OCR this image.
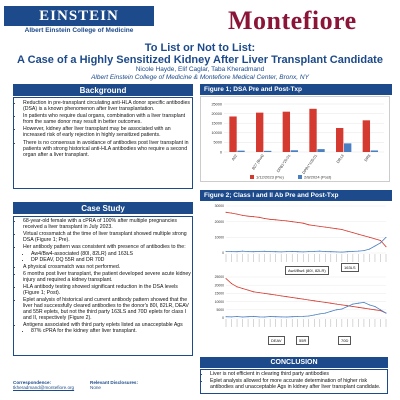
EINSTEIN
Albert Einstein College of Medicine	Montefiore
To List or Not to List:
A Case of a Highly Sensitized Kidney After Liver Transplant Candidate
Nicole Hayde, Elif Caglar, Taba Kheradmand
Albert Einstein College of Medicine & Montefiore Medical Center, Bronx, NY
Background
• Reduction in pre-transplant circulating anti-HLA donor specific antibodies (DSA) is a known phenomenon after liver transplantation.
• In patients who require dual organs, combination with a liver transplant from the same donor may result in better outcomes.
• However, kidney after liver transplant may be associated with an increased risk of early rejection in highly sensitized patients.
• There is no consensus in avoidance of antibodies post liver transplant in patients with strong historical anti-HLA antibodies who require a second organ after a liver transplant.
Case Study
• 68-year-old female with a cPRA of 100% after multiple pregnancies received a liver transplant in July 2023.
• Virtual crossmatch at the time of liver transplant showed multiple strong DSA (Figure 1; Pre).
• Her antibody pattern was consistent with presence of antibodies to the:
• Aw4/Bw4-associated (80I, 82LR) and 163LS
• DP DEAV, DQ 55R and DR 70D
• A physical crossmatch was not performed.
• 6 months post liver transplant, the patient developed severe acute kidney injury and required a kidney transplant.
• HLA antibody testing showed significant reduction in the DSA levels (Figure 1; Post).
• Eplet analysis of historical and current antibody pattern showed that the liver had successfully cleared antibodies to the donor's 80I, 82LR, DEAV and 55R eplets, but not the third party 163LS and 70D eplets for class I and II, respectively (Figure 2).
• Antigens associated with third party eplets listed as unacceptable Ags
• 87% cPRA for the kidney after liver transplant.
Correspondence:
tkheradmand@montefiore.org
Relevant Disclosures:
None
Figure 1; DSA Pre and Post-Txp
0
5000
10000
15000
20000
25000
A32	B27 (Bw4)	DPB1*20:01	DPB1*105:01	DR13	DR8
1/12/2023 (Pre)	2/8/2024 (Post)
Figure 2; Class I and II Ab Pre and Post-Txp
0
10000
20000
30000
Aw4/Bw4 (80I, 82LR)
163LS
0
5000
10000
15000
20000
25000
DEAV	55R	70D
CONCLUSION
• Liver is not efficient in clearing third party antibodies
• Eplet analysis allowed for more accurate determination of higher risk antibodies and unacceptable Ags in kidney after liver transplant candidate.
